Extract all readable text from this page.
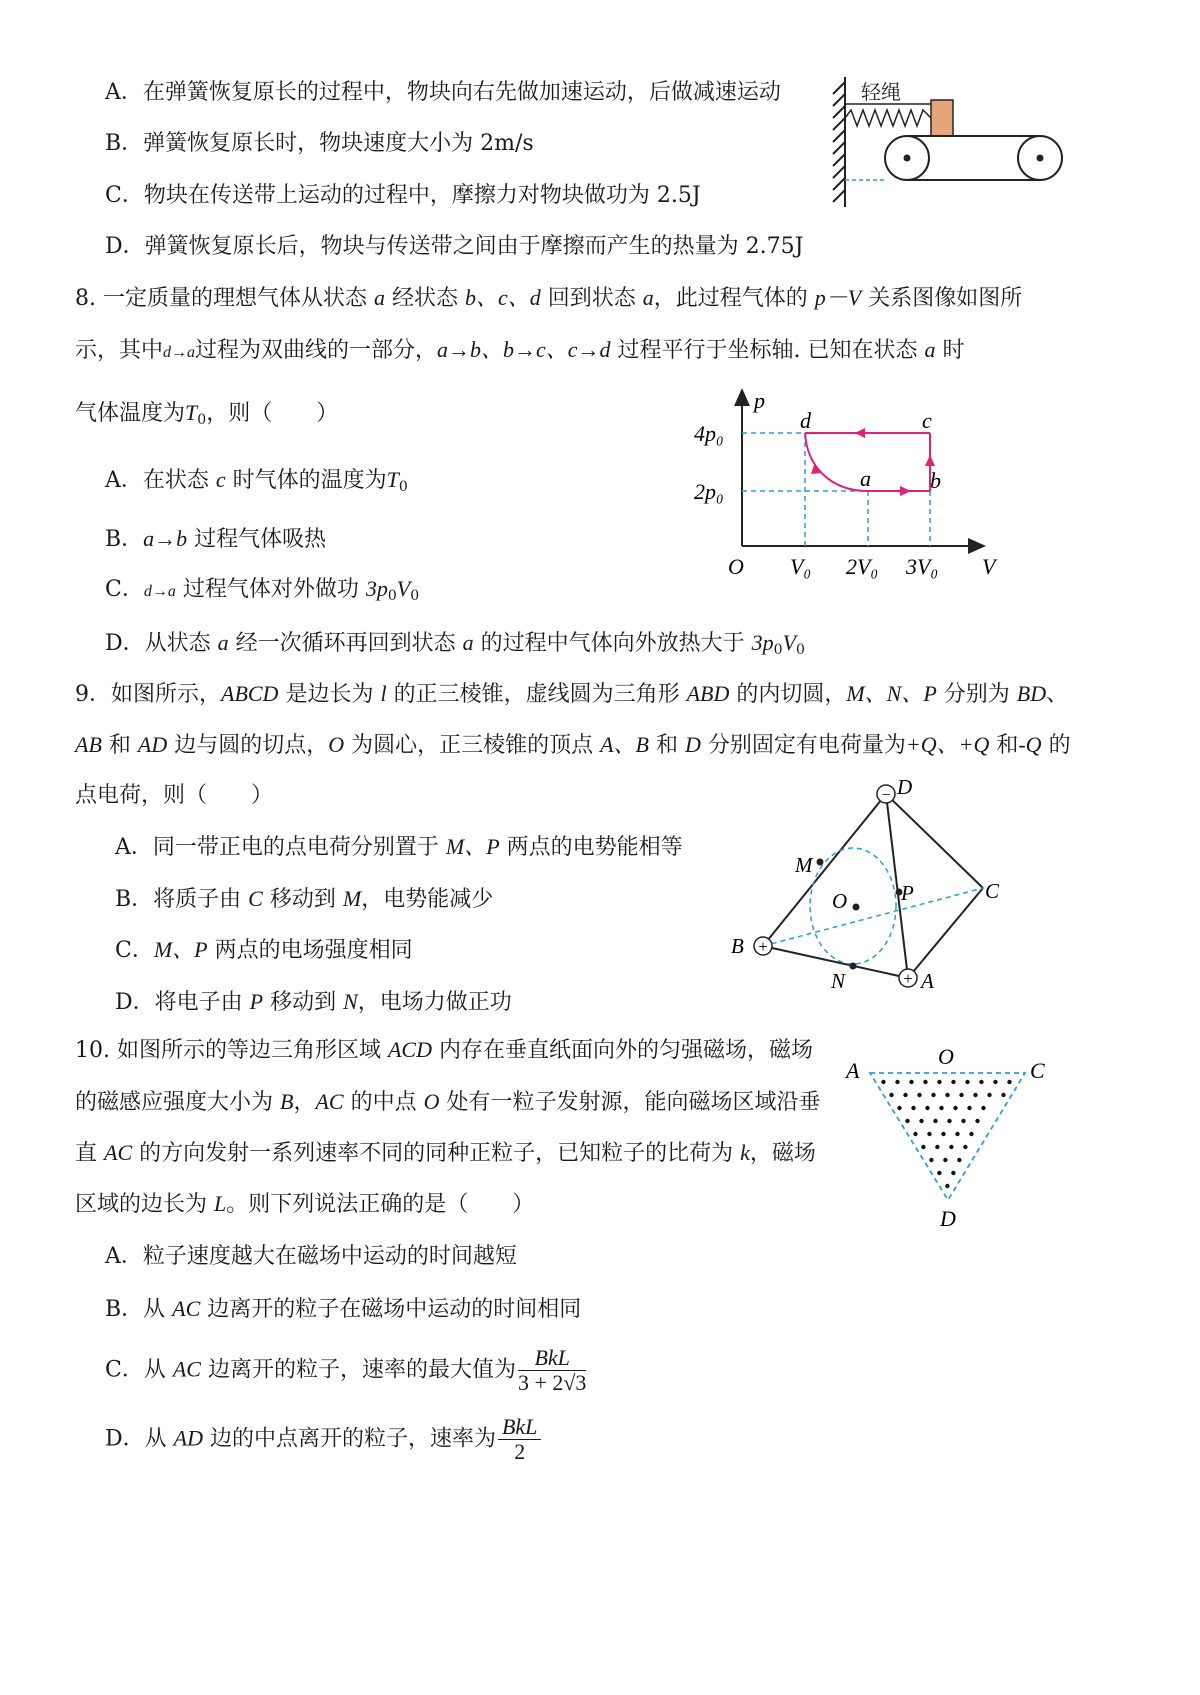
A．在弹簧恢复原长的过程中，物块向右先做加速运动，后做减速运动
B．弹簧恢复原长时，物块速度大小为 2m/s
C．物块在传送带上运动的过程中，摩擦力对物块做功为 2.5J
D．弹簧恢复原长后，物块与传送带之间由于摩擦而产生的热量为 2.75J
轻绳
8. 一定质量的理想气体从状态 a 经状态 b、c、d 回到状态 a，此过程气体的 p－V 关系图像如图所
示，其中d→a过程为双曲线的一部分，a→b、b→c、c→d 过程平行于坐标轴. 已知在状态 a 时
气体温度为$T_0$，则（　　）
A．在状态 c 时气体的温度为$T_0$
B．a→b 过程气体吸热
C．d→a 过程气体对外做功 $3p_0V_0$
D．从状态 a 经一次循环再回到状态 a 的过程中气体向外放热大于 $3p_0V_0$
p
V
O
4p₀
2p₀
V₀ 2V₀ 3V₀
d	c
a	b
9．如图所示，ABCD 是边长为 l 的正三棱锥，虚线圆为三角形 ABD 的内切圆，M、N、P 分别为 BD、
AB 和 AD 边与圆的切点，O 为圆心，正三棱锥的顶点 A、B 和 D 分别固定有电荷量为+Q、+Q 和-Q 的
点电荷，则（　　）
A．同一带正电的点电荷分别置于 M、P 两点的电势能相等
B．将质子由 C 移动到 M，电势能减少
C．M、P 两点的电场强度相同
D．将电子由 P 移动到 N，电场力做正功
−
+
+
D
M
O	P	C
B
N	A
10. 如图所示的等边三角形区域 ACD 内存在垂直纸面向外的匀强磁场，磁场
的磁感应强度大小为 B，AC 的中点 O 处有一粒子发射源，能向磁场区域沿垂
直 AC 的方向发射一系列速率不同的同种正粒子，已知粒子的比荷为 k，磁场
区域的边长为 L。则下列说法正确的是（　　）
A．粒子速度越大在磁场中运动的时间越短
B．从 AC 边离开的粒子在磁场中运动的时间相同
C．从 AC 边离开的粒子，速率的最大值为 $\frac{\text{BkL}}{3 + 2√3}$
D．从 AD 边的中点离开的粒子，速率为 $\frac{\text{BkL}}{2}$
A
O
C
D
